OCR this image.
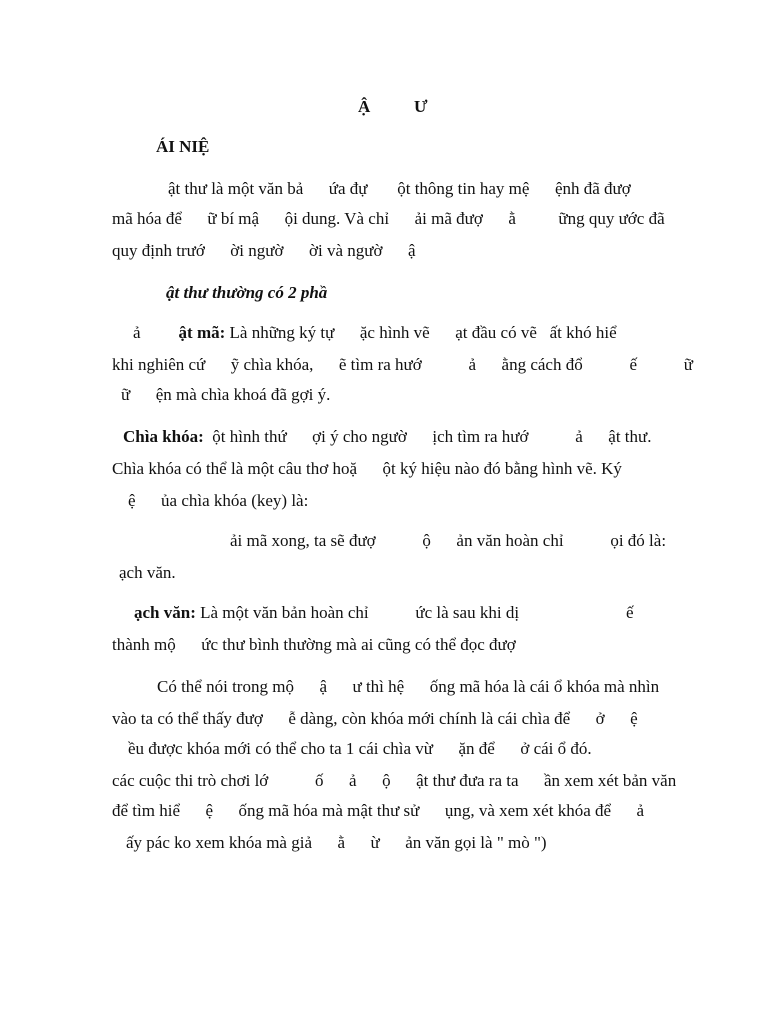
Ậ	Ư
ÁI NIỆ
ật thư là một văn bả      ứa đự       ột thông tin hay mệ      ệnh đã đượ
mã hóa để      ữ bí mậ      ội dung. Và chỉ      ải mã đượ      ằ          ững quy ước đã
quy định trướ      ời ngườ      ời và ngườ      ậ
ật thư thường có 2 phầ
ả ật mã: Là những ký tự      ặc hình vẽ      ạt đầu có vẽ   ất khó hiể
khi nghiên cứ      ỹ chìa khóa,      ẽ tìm ra hướ           ả      ằng cách đổ           ế           ữ
ữ      ện mà chìa khoá đã gợi ý.
Chìa khóa:  ột hình thứ      ợi ý cho ngườ      ịch tìm ra hướ           ả      ật thư.
Chìa khóa có thể là một câu thơ hoặ      ột ký hiệu nào đó bằng hình vẽ. Ký
ệ      ủa chìa khóa (key) là:
ải mã xong, ta sẽ đượ           ộ      ản văn hoàn chỉ           ọi đó là:
ạch văn.
ạch văn: Là một văn bản hoàn chỉ           ức là sau khi dị	ế
thành mộ      ức thư bình thường mà ai cũng có thể đọc đượ
Có thể nói trong mộ      ậ      ư thì hệ      ống mã hóa là cái ổ khóa mà nhìn
vào ta có thể thấy đượ      ễ dàng, còn khóa mới chính là cái chìa để      ở      ệ
ều được khóa mới có thể cho ta 1 cái chìa vừ      ặn để      ở cái ổ đó.
các cuộc thi trò chơi lớ           ố      ả      ộ      ật thư đưa ra ta      ần xem xét bản văn
để tìm hiể      ệ      ống mã hóa mà mật thư sử      ụng, và xem xét khóa để      ả
ấy pác ko xem khóa mà giả      ằ      ừ      ản văn gọi là " mò ")
